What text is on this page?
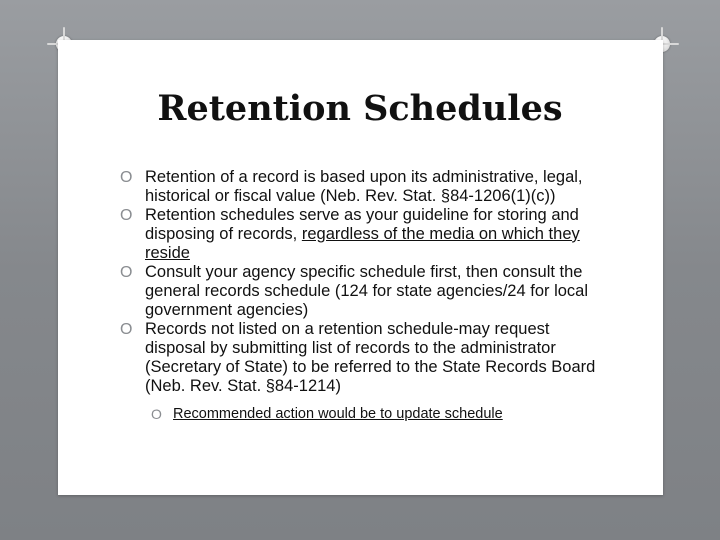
Retention Schedules
O Retention of a record is based upon its administrative, legal, historical or fiscal value (Neb. Rev. Stat. §84-1206(1)(c))
O Retention schedules serve as your guideline for storing and disposing of records, regardless of the media on which they reside
O Consult your agency specific schedule first, then consult the general records schedule (124 for state agencies/24 for local government agencies)
O Records not listed on a retention schedule-may request disposal by submitting list of records to the administrator (Secretary of State) to be referred to the State Records Board (Neb. Rev. Stat. §84-1214)
O Recommended action would be to update schedule
